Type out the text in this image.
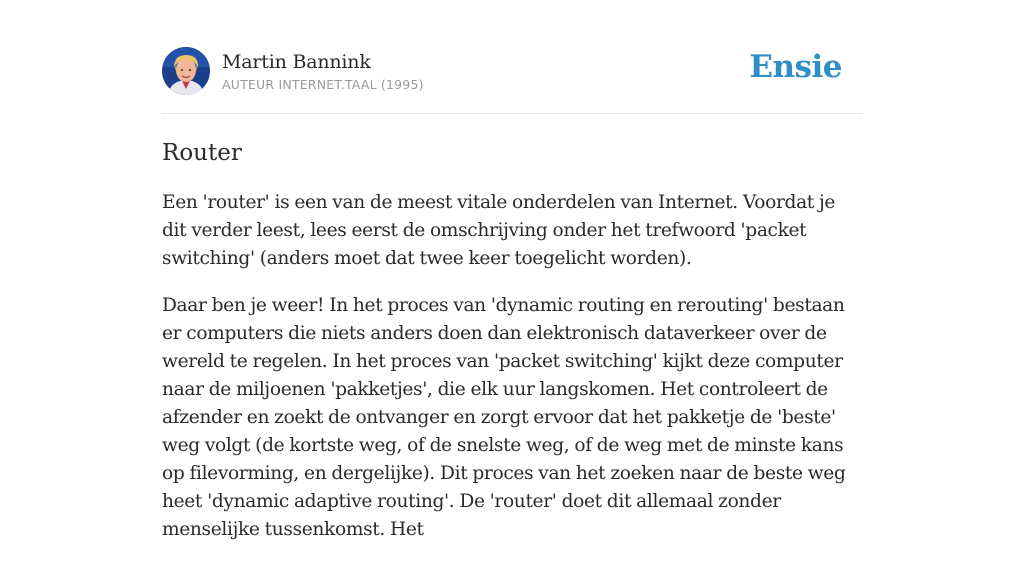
Martin Bannink
AUTEUR INTERNET.TAAL (1995)	Ensie
Router

Een 'router' is een van de meest vitale onderdelen van Internet. Voordat je dit verder leest, lees eerst de omschrijving onder het trefwoord 'packet switching' (anders moet dat twee keer toegelicht worden).

Daar ben je weer! In het proces van 'dynamic routing en rerouting' bestaan er computers die niets anders doen dan elektronisch dataverkeer over de wereld te regelen. In het proces van 'packet switching' kijkt deze computer naar de miljoenen 'pakketjes', die elk uur langskomen. Het controleert de afzender en zoekt de ontvanger en zorgt ervoor dat het pakketje de 'beste' weg volgt (de kortste weg, of de snelste weg, of de weg met de minste kans op filevorming, en dergelijke). Dit proces van het zoeken naar de beste weg heet 'dynamic adaptive routing'. De 'router' doet dit allemaal zonder menselijke tussenkomst. Het
